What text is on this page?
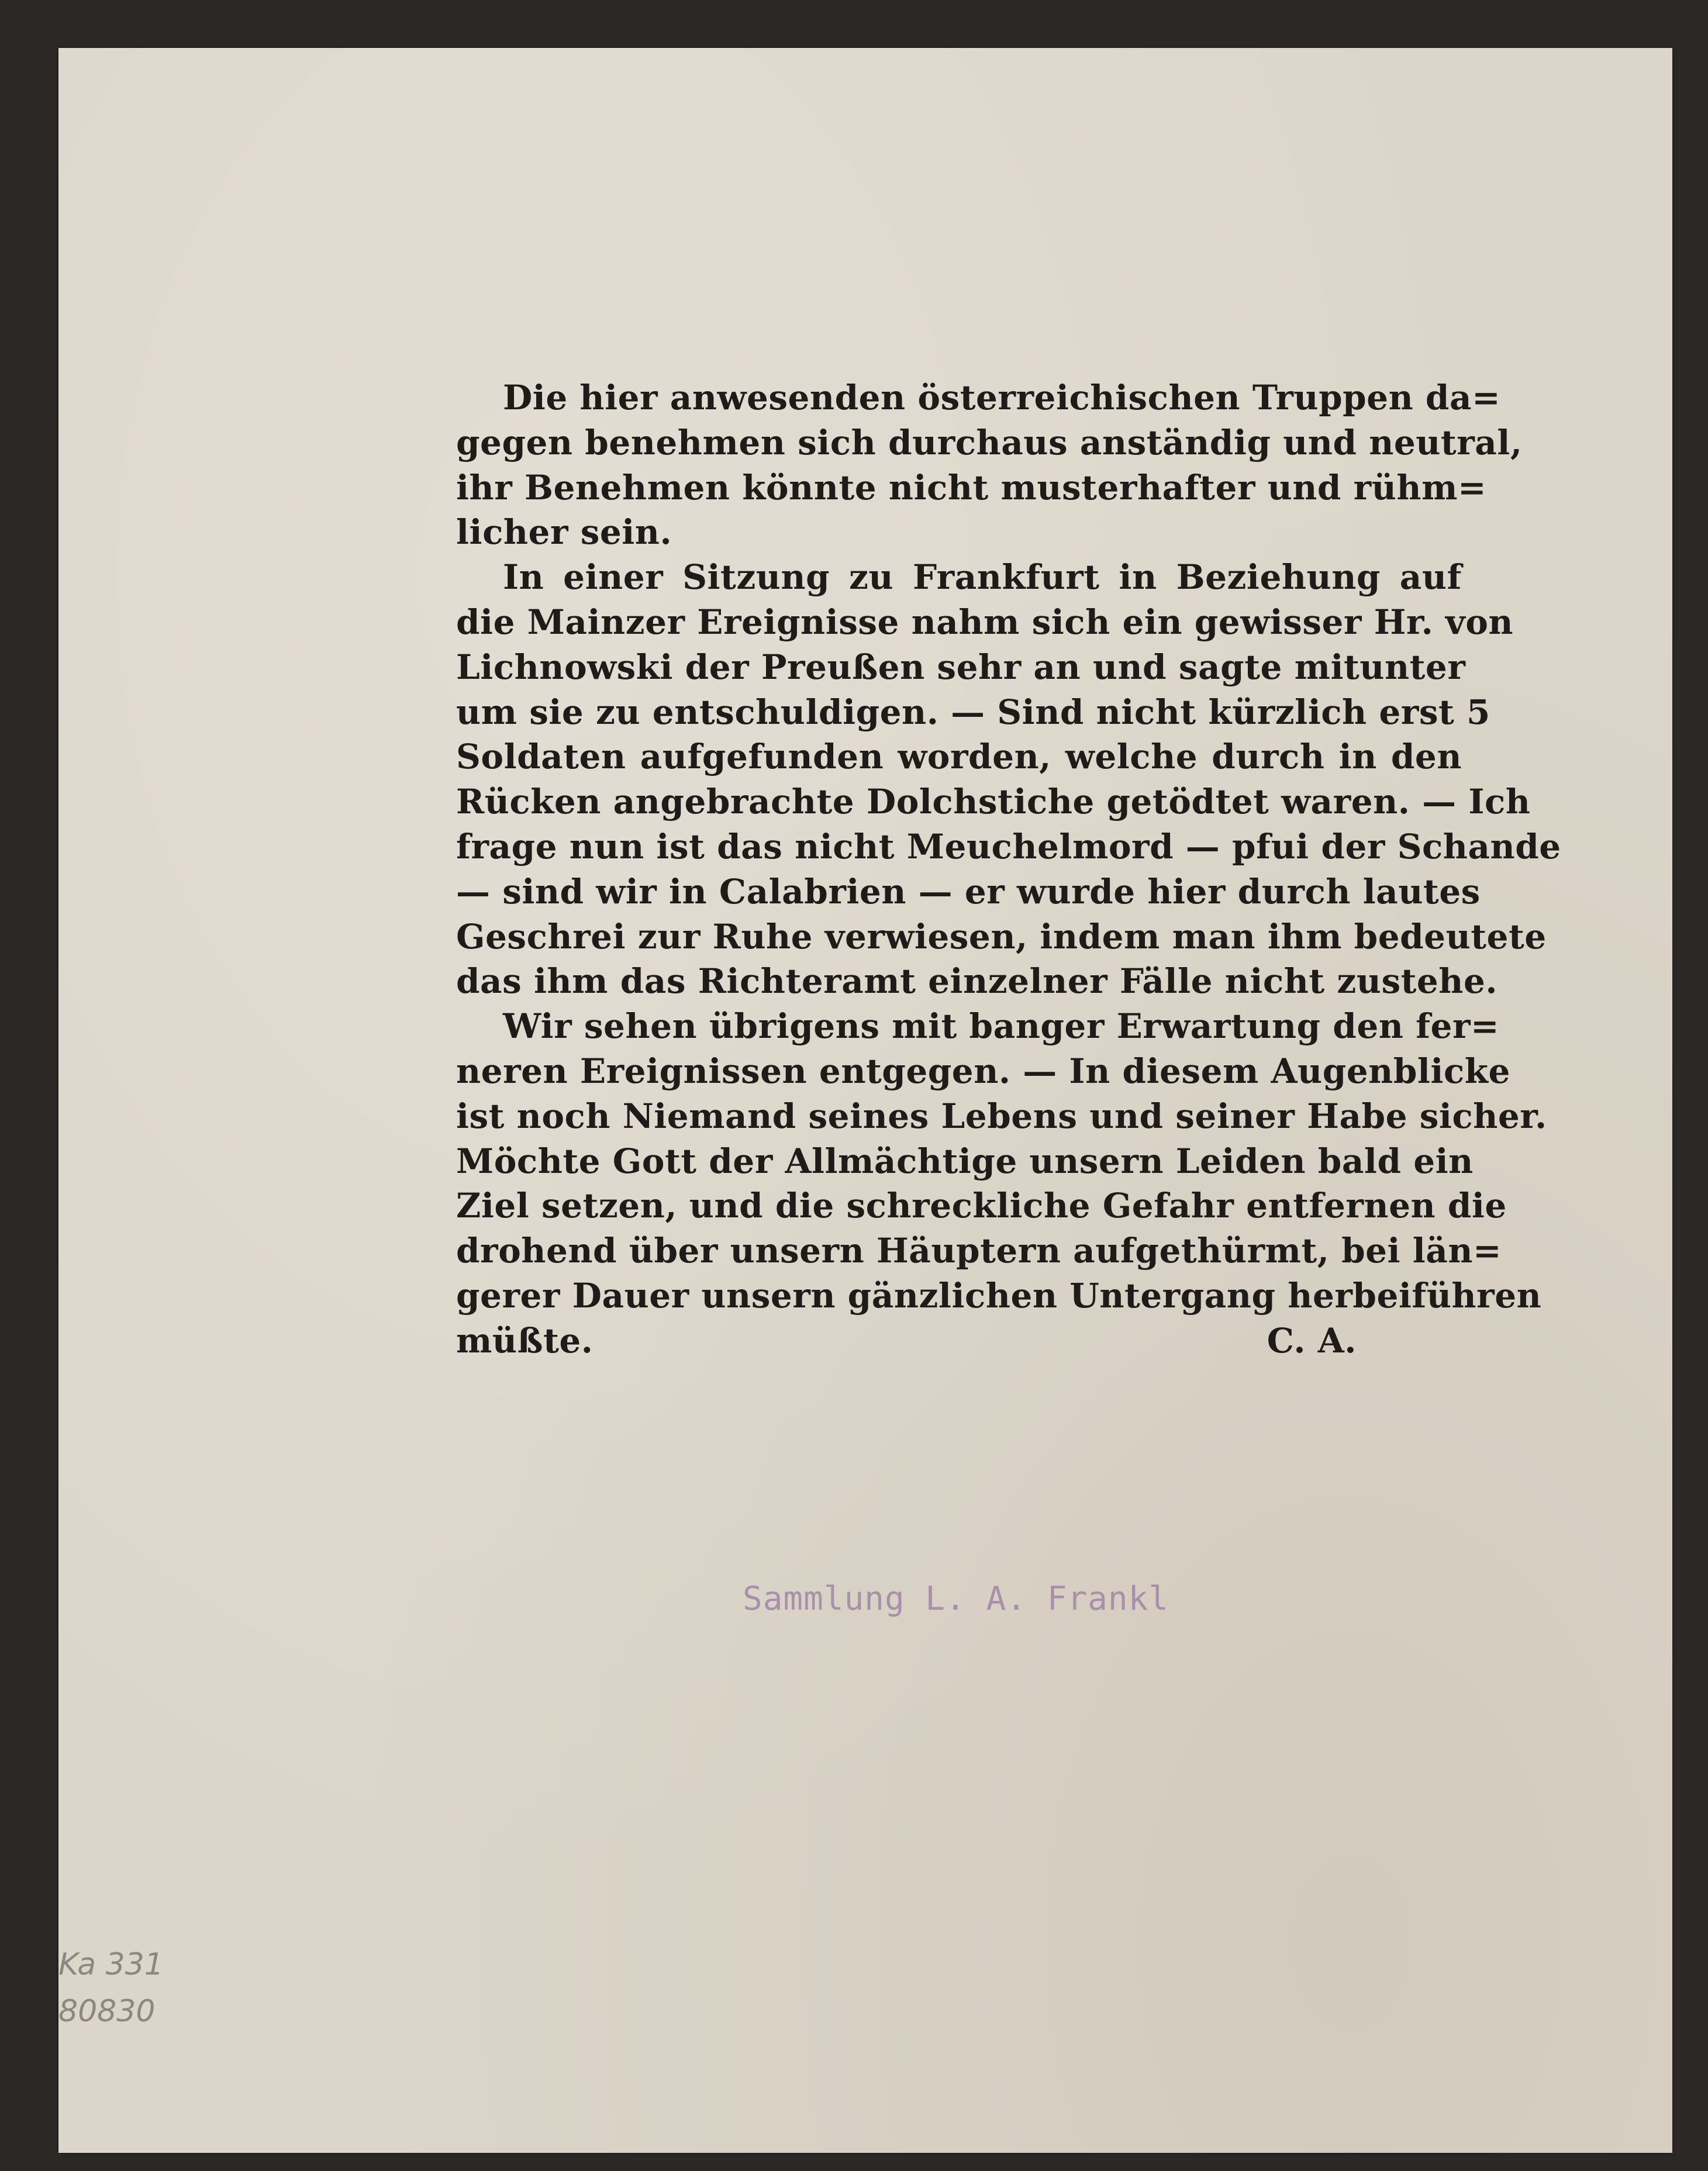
Die hier anwesenden österreichischen Truppen da=
gegen benehmen sich durchaus anständig und neutral,
ihr Benehmen könnte nicht musterhafter und rühm=
licher sein.

In einer Sitzung zu Frankfurt in Beziehung auf
die Mainzer Ereignisse nahm sich ein gewisser Hr. von
Lichnowski der Preußen sehr an und sagte mitunter
um sie zu entschuldigen. — Sind nicht kürzlich erst 5
Soldaten aufgefunden worden, welche durch in den
Rücken angebrachte Dolchstiche getödtet waren. — Ich
frage nun ist das nicht Meuchelmord — pfui der Schande
— sind wir in Calabrien — er wurde hier durch lautes
Geschrei zur Ruhe verwiesen, indem man ihm bedeutete
das ihm das Richteramt einzelner Fälle nicht zustehe.

Wir sehen übrigens mit banger Erwartung den fer=
neren Ereignissen entgegen. — In diesem Augenblicke
ist noch Niemand seines Lebens und seiner Habe sicher.
Möchte Gott der Allmächtige unsern Leiden bald ein
Ziel setzen, und die schreckliche Gefahr entfernen die
drohend über unsern Häuptern aufgethürmt, bei län=
gerer Dauer unsern gänzlichen Untergang herbeiführen
müßte.	C. A.

Sammlung L. A. Frankl
Ka 331
80830
